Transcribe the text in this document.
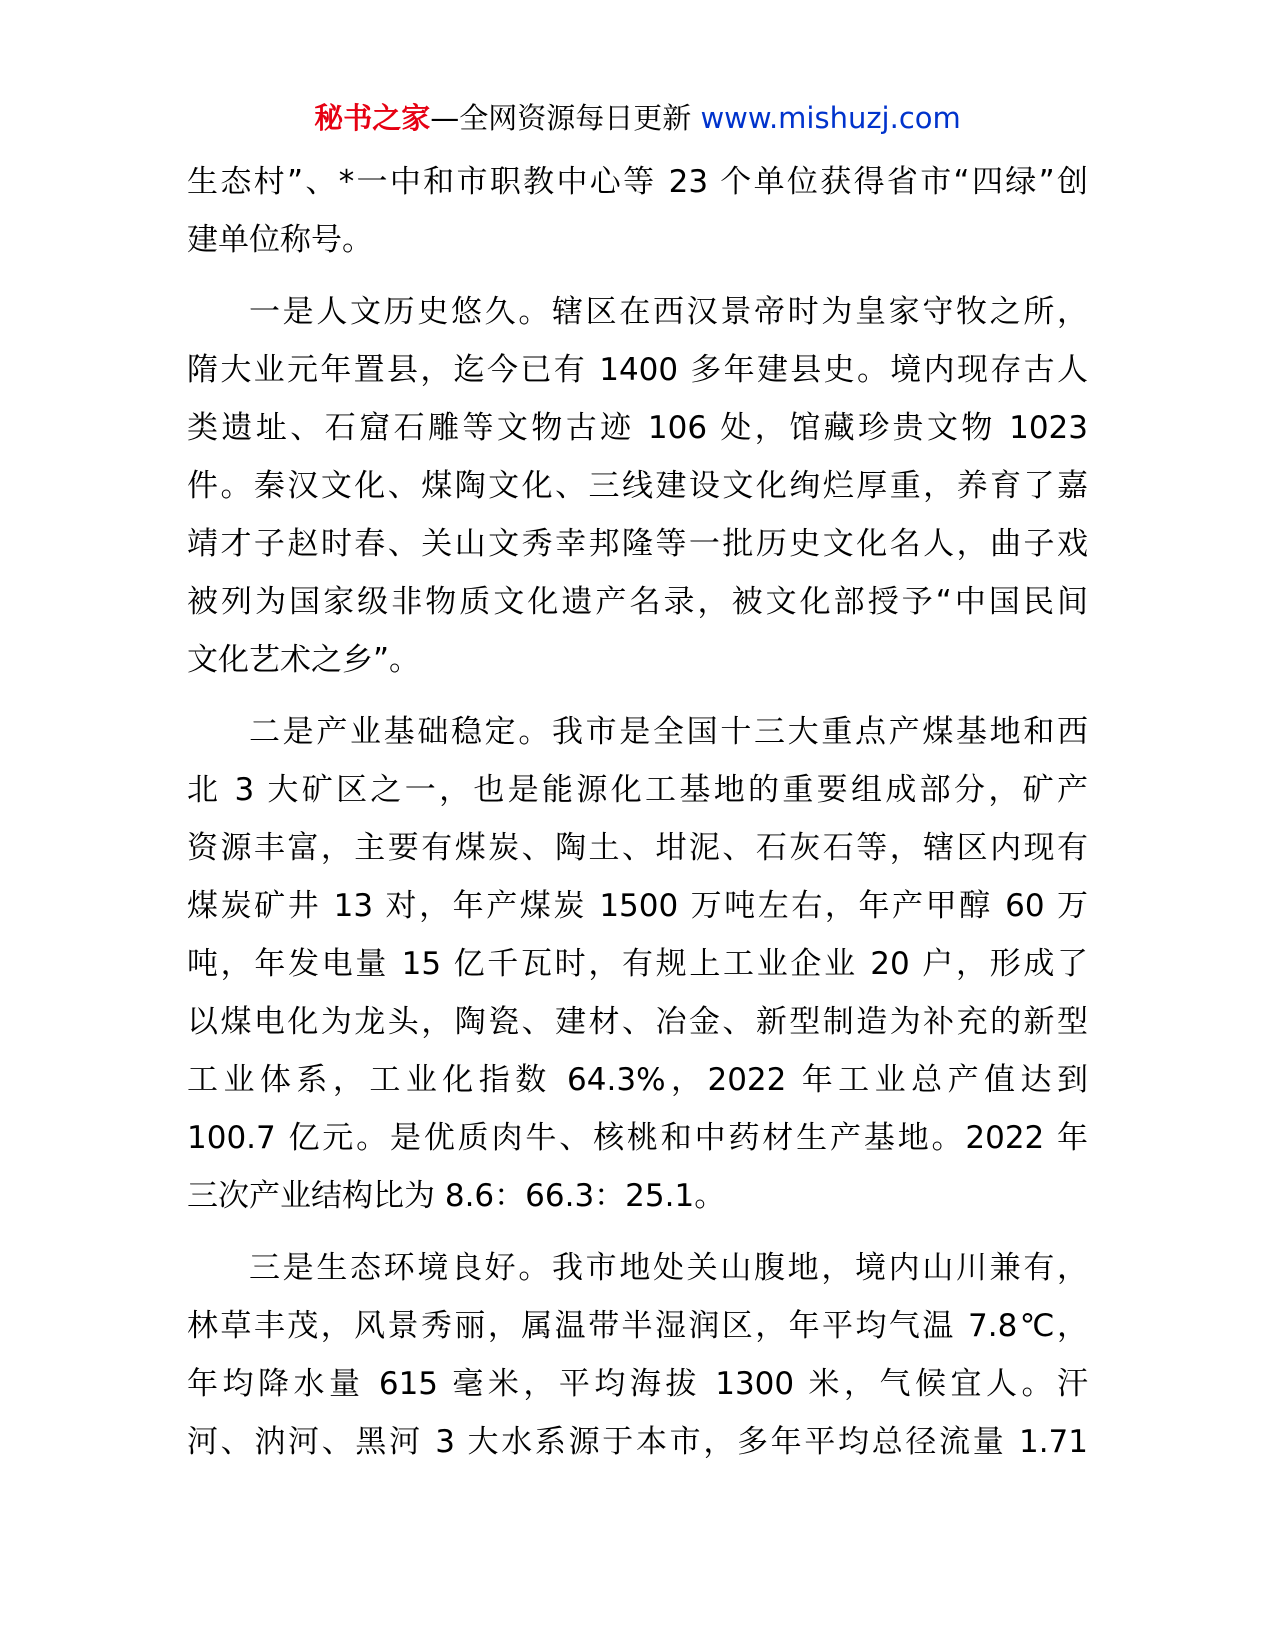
秘书之家—全网资源每日更新 www.mishuzj.com
生态村”、*一中和市职教中心等 23 个单位获得省市“四绿”创
建单位称号。
一是人文历史悠久。辖区在西汉景帝时为皇家守牧之所，
隋大业元年置县，迄今已有 1400 多年建县史。境内现存古人
类遗址、石窟石雕等文物古迹 106 处，馆藏珍贵文物 1023
件。秦汉文化、煤陶文化、三线建设文化绚烂厚重，养育了嘉
靖才子赵时春、关山文秀幸邦隆等一批历史文化名人，曲子戏
被列为国家级非物质文化遗产名录，被文化部授予“中国民间
文化艺术之乡”。
二是产业基础稳定。我市是全国十三大重点产煤基地和西
北 3 大矿区之一，也是能源化工基地的重要组成部分，矿产
资源丰富，主要有煤炭、陶土、坩泥、石灰石等，辖区内现有
煤炭矿井 13 对，年产煤炭 1500 万吨左右，年产甲醇 60 万
吨，年发电量 15 亿千瓦时，有规上工业企业 20 户，形成了
以煤电化为龙头，陶瓷、建材、冶金、新型制造为补充的新型
工业体系，工业化指数 64.3%，2022 年工业总产值达到
100.7 亿元。是优质肉牛、核桃和中药材生产基地。2022 年
三次产业结构比为 8.6：66.3：25.1。
三是生态环境良好。我市地处关山腹地，境内山川兼有，
林草丰茂，风景秀丽，属温带半湿润区，年平均气温 7.8℃，
年均降水量 615 毫米，平均海拔 1300 米，气候宜人。汗
河、汭河、黑河 3 大水系源于本市，多年平均总径流量 1.71
